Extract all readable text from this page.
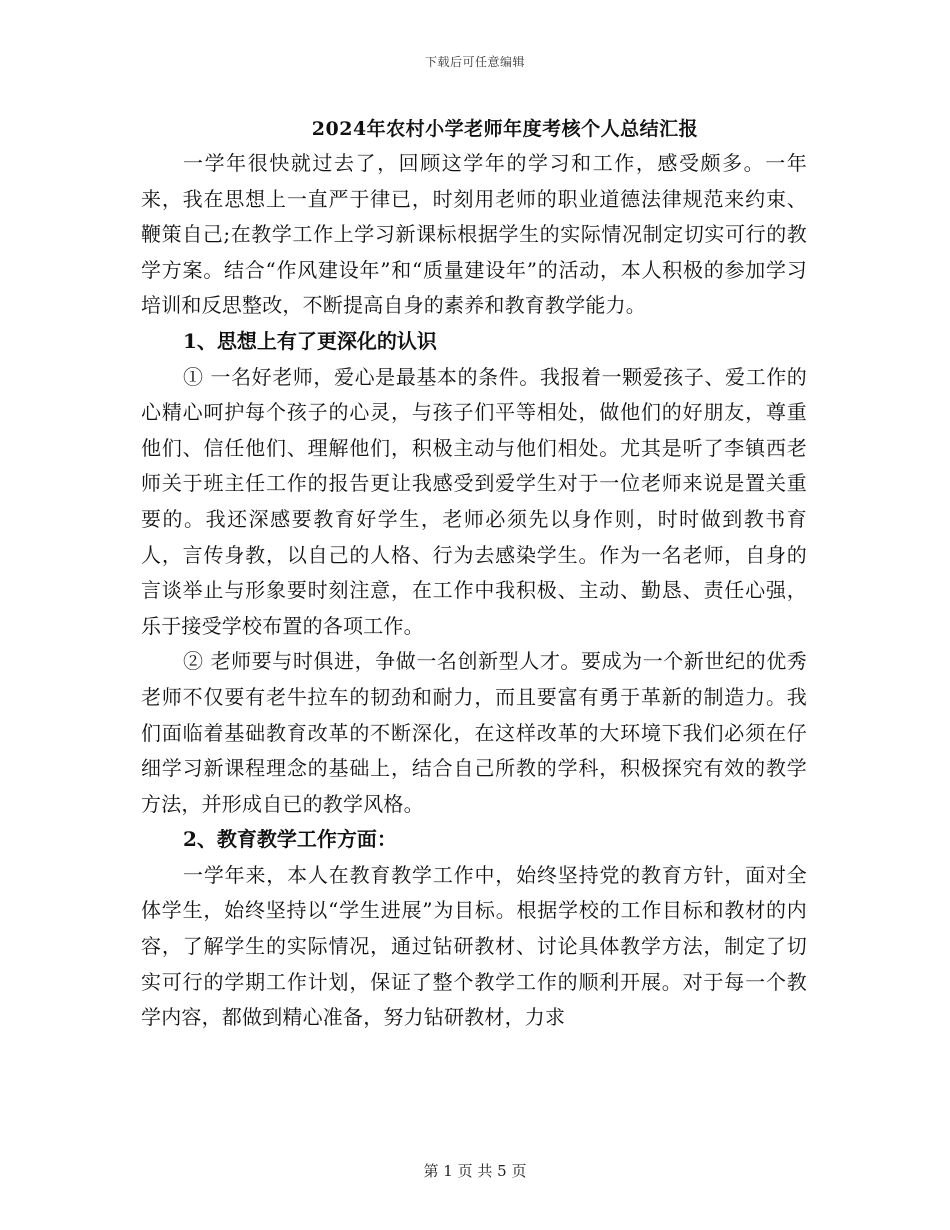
下载后可任意编辑
2024年农村小学老师年度考核个人总结汇报

一学年很快就过去了，回顾这学年的学习和工作，感受颇多。一年来，我在思想上一直严于律已，时刻用老师的职业道德法律规范来约束、鞭策自己;在教学工作上学习新课标根据学生的实际情况制定切实可行的教学方案。结合“作风建设年”和“质量建设年”的活动，本人积极的参加学习培训和反思整改，不断提高自身的素养和教育教学能力。

1、思想上有了更深化的认识

① 一名好老师，爱心是最基本的条件。我报着一颗爱孩子、爱工作的心精心呵护每个孩子的心灵，与孩子们平等相处，做他们的好朋友，尊重他们、信任他们、理解他们，积极主动与他们相处。尤其是听了李镇西老师关于班主任工作的报告更让我感受到爱学生对于一位老师来说是置关重要的。我还深感要教育好学生，老师必须先以身作则，时时做到教书育人，言传身教，以自己的人格、行为去感染学生。作为一名老师，自身的言谈举止与形象要时刻注意，在工作中我积极、主动、勤恳、责任心强，乐于接受学校布置的各项工作。

② 老师要与时俱进，争做一名创新型人才。要成为一个新世纪的优秀老师不仅要有老牛拉车的韧劲和耐力，而且要富有勇于革新的制造力。我们面临着基础教育改革的不断深化，在这样改革的大环境下我们必须在仔细学习新课程理念的基础上，结合自己所教的学科，积极探究有效的教学方法，并形成自已的教学风格。

2、教育教学工作方面：

一学年来，本人在教育教学工作中，始终坚持党的教育方针，面对全体学生，始终坚持以“学生进展”为目标。根据学校的工作目标和教材的内容，了解学生的实际情况，通过钻研教材、讨论具体教学方法，制定了切实可行的学期工作计划，保证了整个教学工作的顺利开展。对于每一个教学内容，都做到精心准备，努力钻研教材，力求

第 1 页 共 5 页
